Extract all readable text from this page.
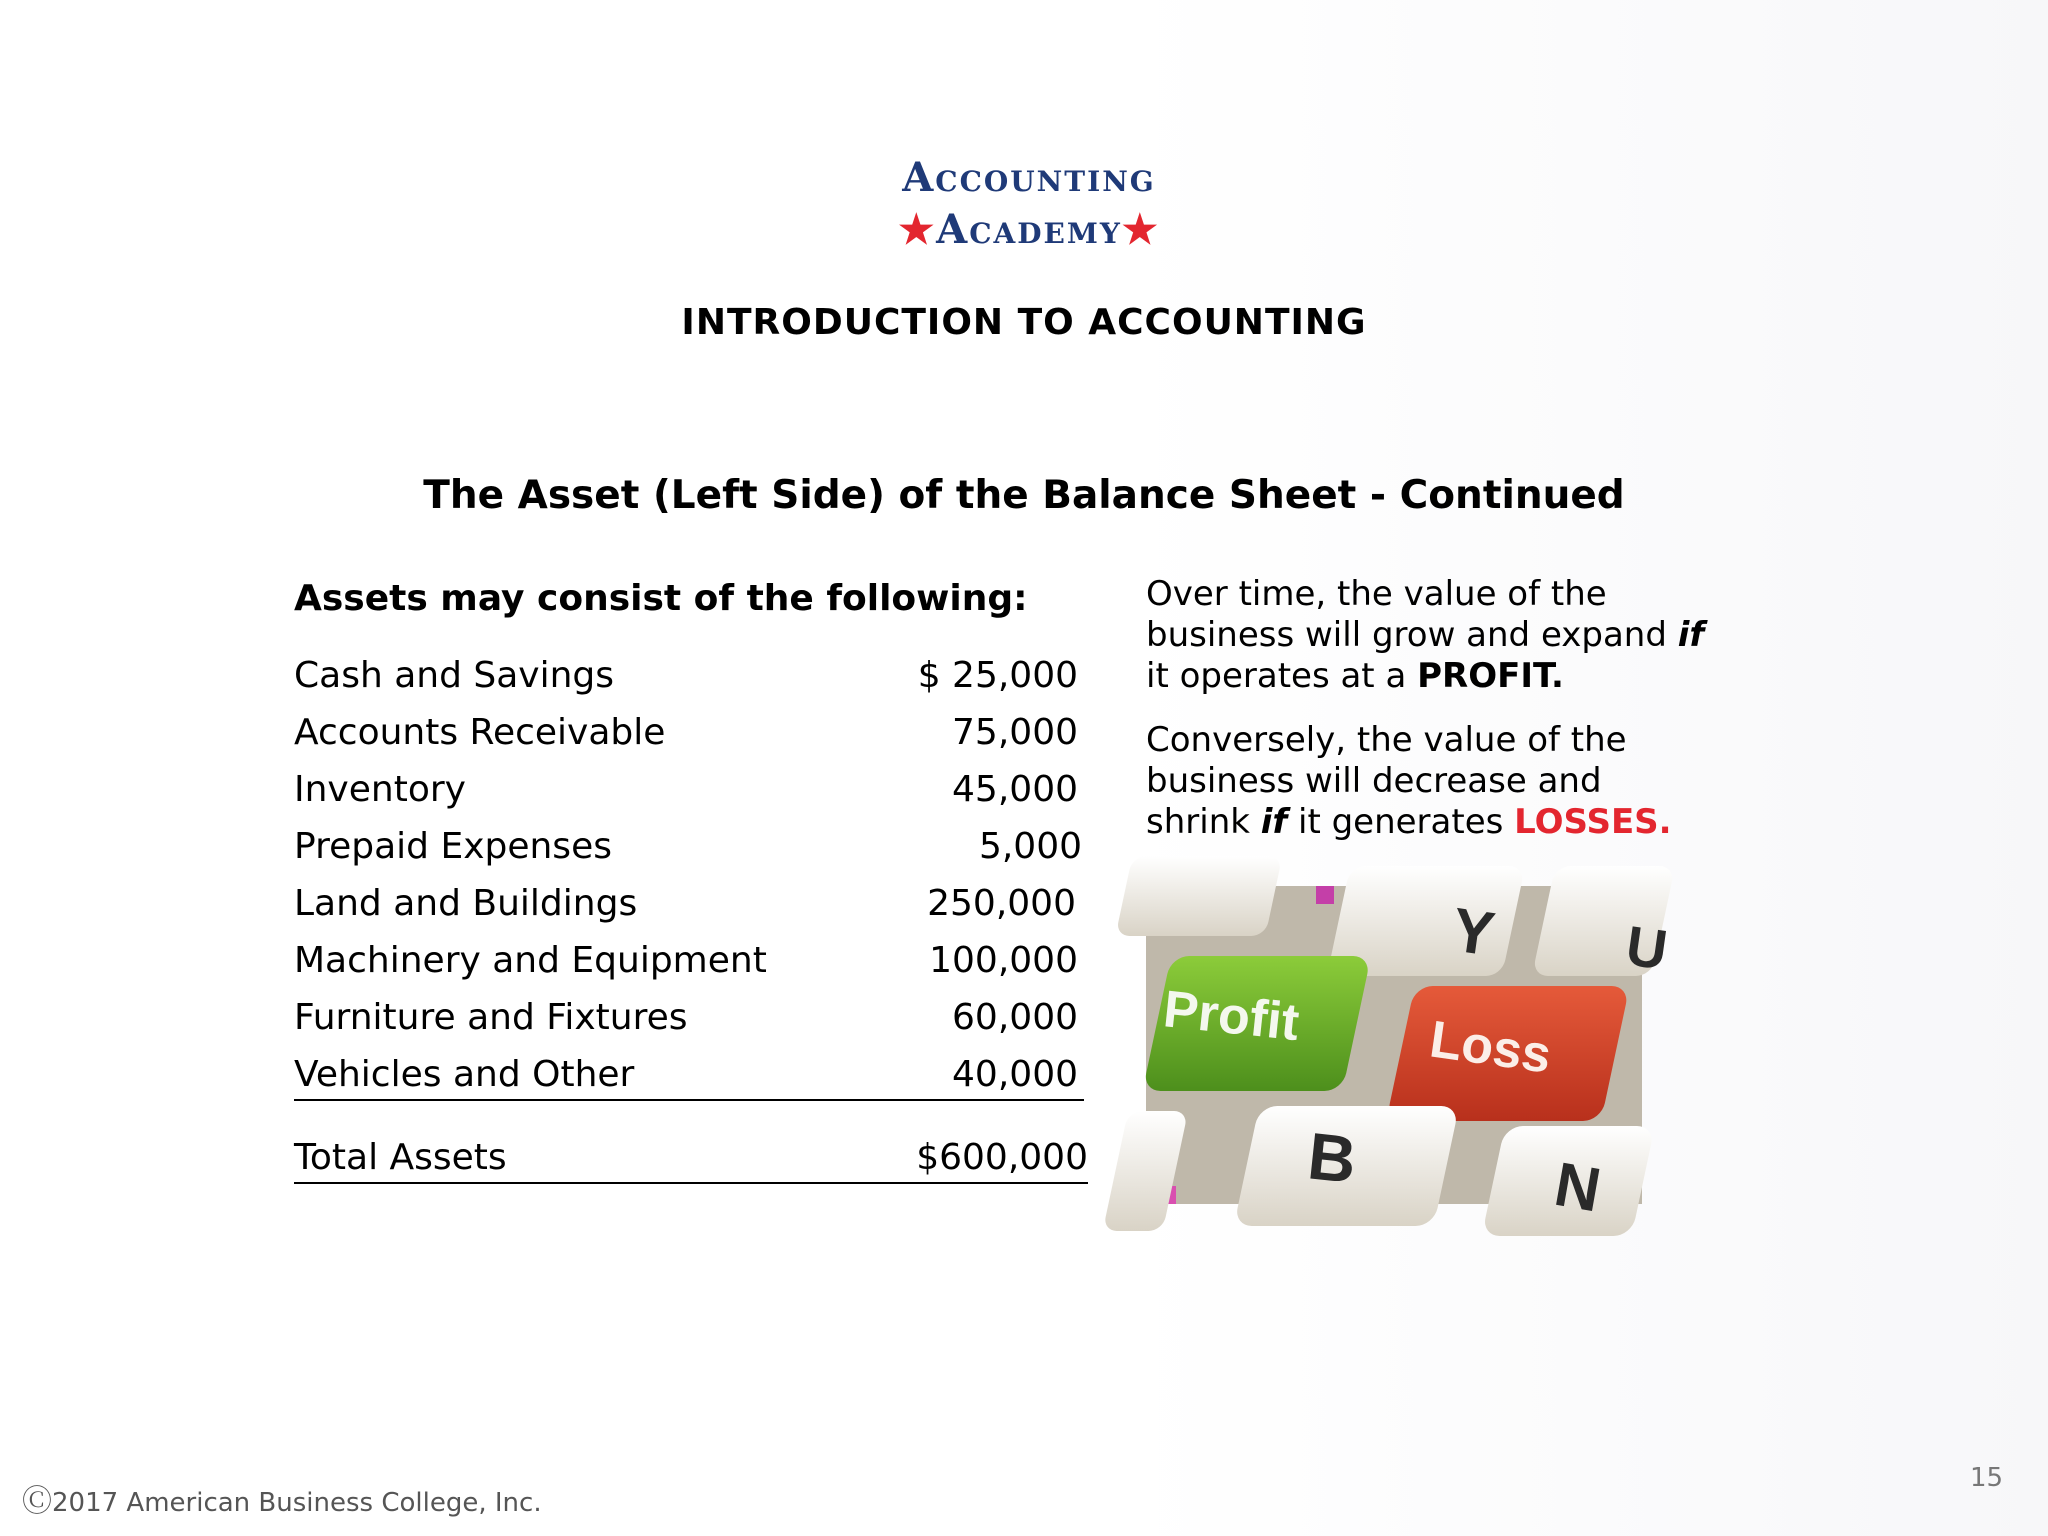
Accounting
★Academy★
INTRODUCTION TO ACCOUNTING
The Asset (Left Side) of the Balance Sheet - Continued
Assets may consist of the following:
Cash and Savings	$ 25,000
Accounts Receivable	75,000
Inventory	45,000
Prepaid Expenses	5,000
Land and Buildings	250,000
Machinery and Equipment	100,000
Furniture and Fixtures	60,000
Vehicles and Other	40,000
Total Assets	$600,000
Over time, the value of the business will grow and expand if it operates at a PROFIT.
Conversely, the value of the business will decrease and shrink if it generates LOSSES.
Y U
Profit Loss
B	N
Ⓒ2017 American Business College, Inc.
15
